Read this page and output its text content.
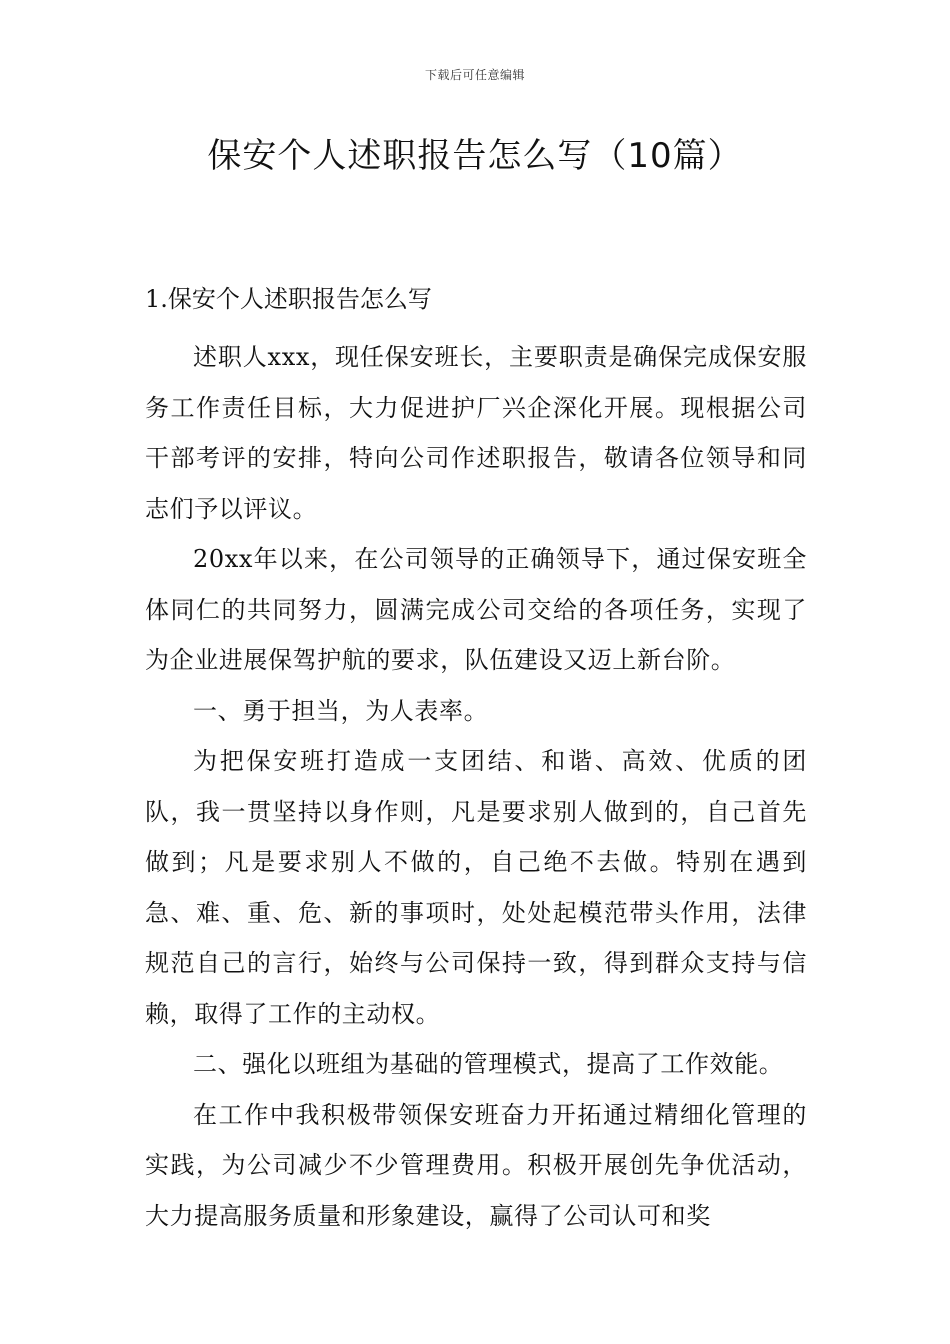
下载后可任意编辑
保安个人述职报告怎么写（10篇）
1.保安个人述职报告怎么写

述职人xxx，现任保安班长，主要职责是确保完成保安服务工作责任目标，大力促进护厂兴企深化开展。现根据公司干部考评的安排，特向公司作述职报告，敬请各位领导和同志们予以评议。

20xx年以来，在公司领导的正确领导下，通过保安班全体同仁的共同努力，圆满完成公司交给的各项任务，实现了为企业进展保驾护航的要求，队伍建设又迈上新台阶。

一、勇于担当，为人表率。

为把保安班打造成一支团结、和谐、高效、优质的团队，我一贯坚持以身作则，凡是要求别人做到的，自己首先做到；凡是要求别人不做的，自己绝不去做。特别在遇到急、难、重、危、新的事项时，处处起模范带头作用，法律规范自己的言行，始终与公司保持一致，得到群众支持与信赖，取得了工作的主动权。

二、强化以班组为基础的管理模式，提高了工作效能。

在工作中我积极带领保安班奋力开拓通过精细化管理的实践，为公司减少不少管理费用。积极开展创先争优活动，大力提高服务质量和形象建设，赢得了公司认可和奖
